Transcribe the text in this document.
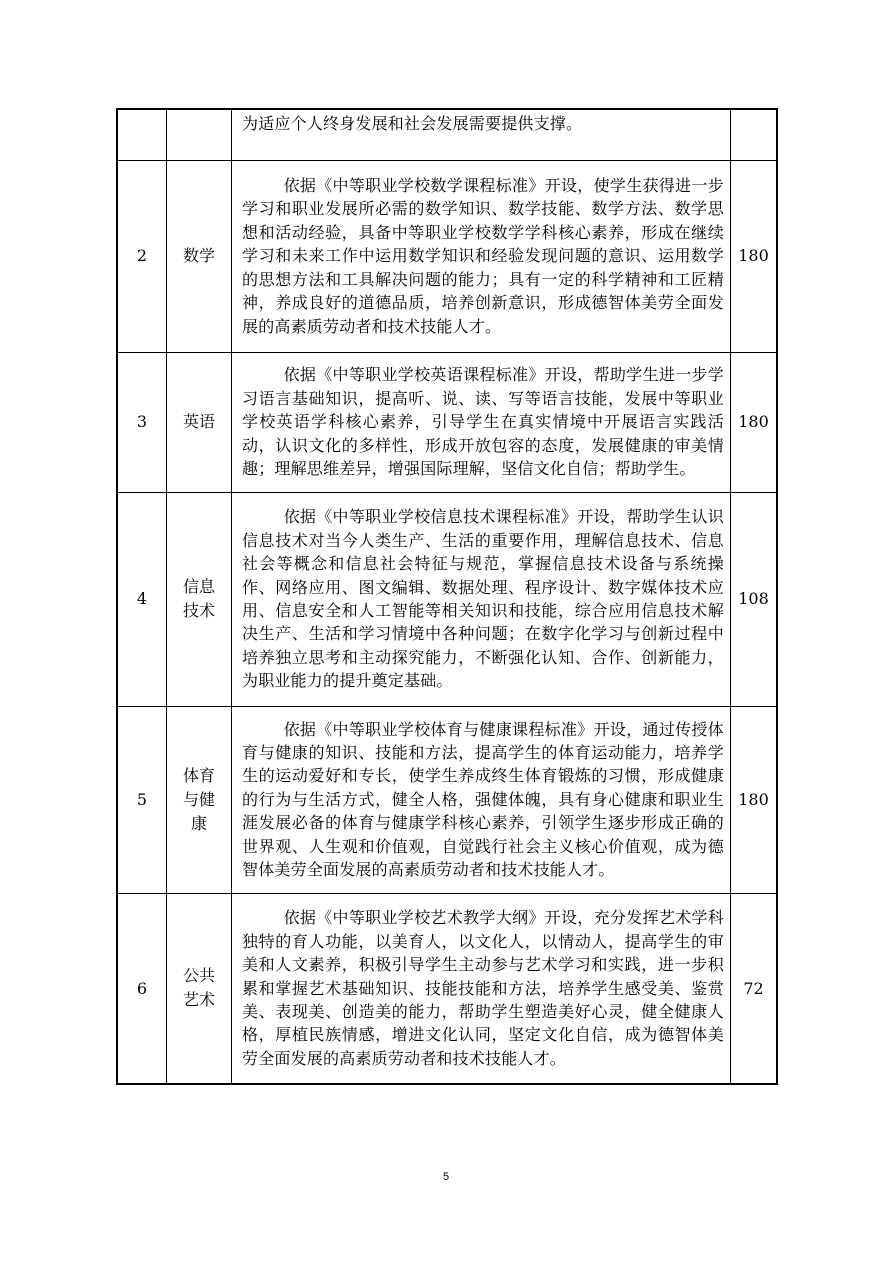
		为适应个人终身发展和社会发展需要提供支撑。	

2	数学	依据《中等职业学校数学课程标准》开设，使学生获得进一步学习和职业发展所必需的数学知识、数学技能、数学方法、数学思想和活动经验，具备中等职业学校数学学科核心素养，形成在继续学习和未来工作中运用数学知识和经验发现问题的意识、运用数学的思想方法和工具解决问题的能力；具有一定的科学精神和工匠精神，养成良好的道德品质，培养创新意识，形成德智体美劳全面发展的高素质劳动者和技术技能人才。	180
3	英语	依据《中等职业学校英语课程标准》开设，帮助学生进一步学习语言基础知识，提高听、说、读、写等语言技能，发展中等职业学校英语学科核心素养，引导学生在真实情境中开展语言实践活动，认识文化的多样性，形成开放包容的态度，发展健康的审美情趣；理解思维差异，增强国际理解，坚信文化自信；帮助学生。	180
4	信息技术	依据《中等职业学校信息技术课程标准》开设，帮助学生认识信息技术对当今人类生产、生活的重要作用，理解信息技术、信息社会等概念和信息社会特征与规范，掌握信息技术设备与系统操作、网络应用、图文编辑、数据处理、程序设计、数字媒体技术应用、信息安全和人工智能等相关知识和技能，综合应用信息技术解决生产、生活和学习情境中各种问题；在数字化学习与创新过程中培养独立思考和主动探究能力，不断强化认知、合作、创新能力，为职业能力的提升奠定基础。	108
5	体育与健康	依据《中等职业学校体育与健康课程标准》开设，通过传授体育与健康的知识、技能和方法，提高学生的体育运动能力，培养学生的运动爱好和专长，使学生养成终生体育锻炼的习惯，形成健康的行为与生活方式，健全人格，强健体魄，具有身心健康和职业生涯发展必备的体育与健康学科核心素养，引领学生逐步形成正确的世界观、人生观和价值观，自觉践行社会主义核心价值观，成为德智体美劳全面发展的高素质劳动者和技术技能人才。	180
6	公共艺术	依据《中等职业学校艺术教学大纲》开设，充分发挥艺术学科独特的育人功能，以美育人，以文化人，以情动人，提高学生的审美和人文素养，积极引导学生主动参与艺术学习和实践，进一步积累和掌握艺术基础知识、技能技能和方法，培养学生感受美、鉴赏美、表现美、创造美的能力，帮助学生塑造美好心灵，健全健康人格，厚植民族情感，增进文化认同，坚定文化自信，成为德智体美劳全面发展的高素质劳动者和技术技能人才。	72
5
